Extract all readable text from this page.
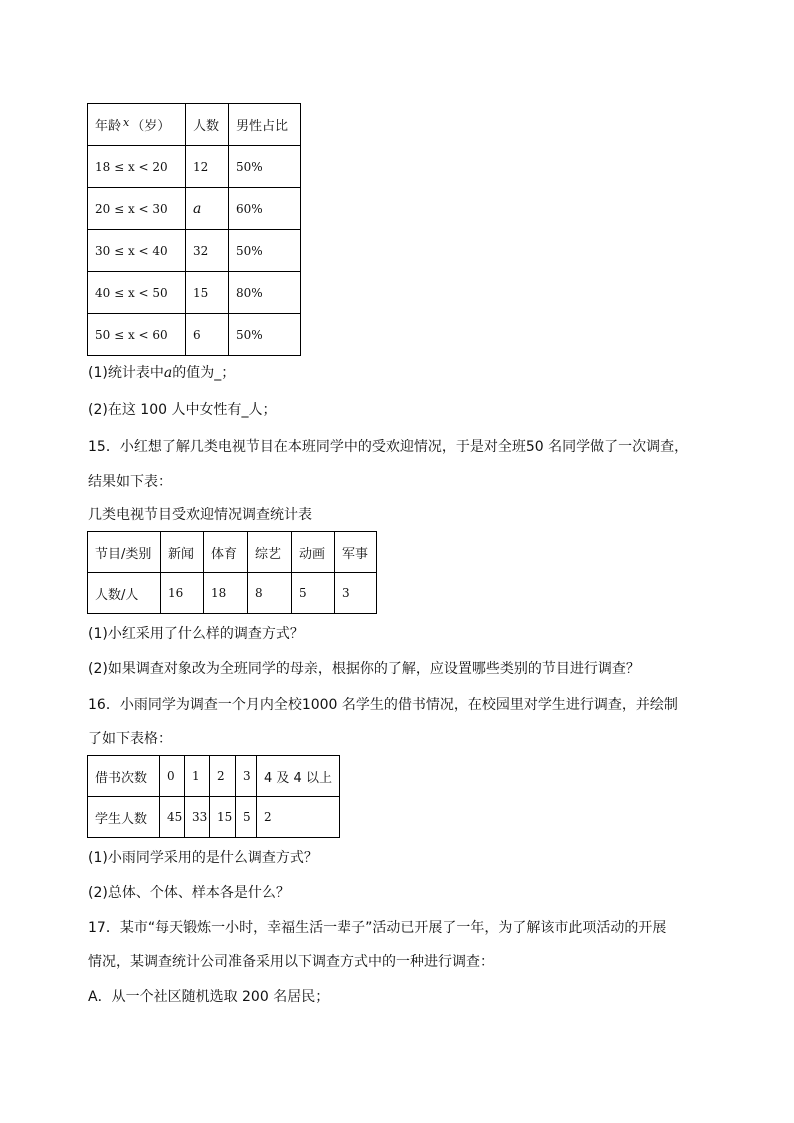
年龄 $^x$ （岁）	人数	男性占比
18 ≤ x < 20	12	50%
20 ≤ x < 30	a	60%
30 ≤ x < 40	32	50%
40 ≤ x < 50	15	80%
50 ≤ x < 60	6	50%
(1)统计表中a的值为_；
(2)在这 100 人中女性有_人；
15．小红想了解几类电视节目在本班同学中的受欢迎情况，于是对全班50 名同学做了一次调查，
结果如下表：
几类电视节目受欢迎情况调查统计表
节目/类别	新闻	体育	综艺	动画	军事
人数/人	16	18	8	5	3
(1)小红采用了什么样的调查方式？
(2)如果调查对象改为全班同学的母亲，根据你的了解，应设置哪些类别的节目进行调查？
16．小雨同学为调查一个月内全校1000 名学生的借书情况，在校园里对学生进行调查，并绘制
了如下表格：
借书次数	0	1	2	3	4 及 4 以上
学生人数	45	33	15	5	2
(1)小雨同学采用的是什么调查方式？
(2)总体、个体、样本各是什么？
17．某市“每天锻炼一小时，幸福生活一辈子”活动已开展了一年，为了解该市此项活动的开展
情况，某调查统计公司准备采用以下调查方式中的一种进行调查：
A．从一个社区随机选取 200 名居民；
